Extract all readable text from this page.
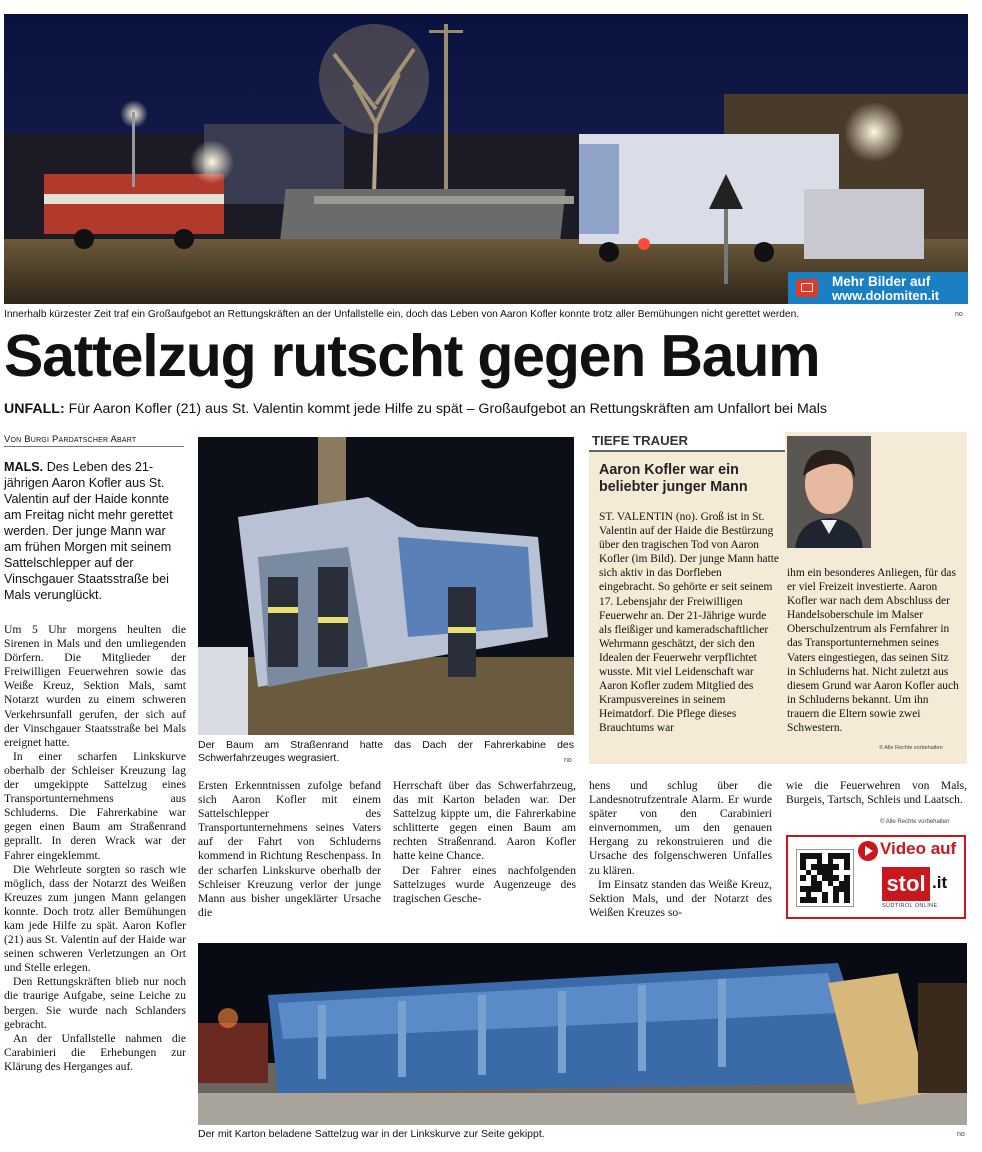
Mehr Bilder auf
www.dolomiten.it
Innerhalb kürzester Zeit traf ein Großaufgebot an Rettungskräften an der Unfallstelle ein, doch das Leben von Aaron Kofler konnte trotz aller Bemühungen nicht gerettet werden.	no
Sattelzug rutscht gegen Baum
UNFALL: Für Aaron Kofler (21) aus St. Valentin kommt jede Hilfe zu spät – Großaufgebot an Rettungskräften am Unfallort bei Mals
Von Burgi Pardatscher Abart
MALS. Des Leben des 21-jährigen Aaron Kofler aus St. Valentin auf der Haide konnte am Freitag nicht mehr gerettet werden. Der junge Mann war am frühen Morgen mit seinem Sattelschlepper auf der Vinschgauer Staatsstraße bei Mals verunglückt.

Um 5 Uhr morgens heulten die Sirenen in Mals und den umliegenden Dörfern. Die Mitglieder der Freiwilligen Feuerwehren sowie das Weiße Kreuz, Sektion Mals, samt Notarzt wurden zu einem schweren Verkehrsunfall gerufen, der sich auf der Vinschgauer Staatsstraße bei Mals ereignet hatte.

In einer scharfen Linkskurve oberhalb der Schleiser Kreuzung lag der umgekippte Sattelzug eines Transportunternehmens aus Schluderns. Die Fahrerkabine war gegen einen Baum am Straßenrand geprallt. In deren Wrack war der Fahrer eingeklemmt.

Die Wehrleute sorgten so rasch wie möglich, dass der Notarzt des Weißen Kreuzes zum jungen Mann gelangen konnte. Doch trotz aller Bemühungen kam jede Hilfe zu spät. Aaron Kofler (21) aus St. Valentin auf der Haide war seinen schweren Verletzungen an Ort und Stelle erlegen.

Den Rettungskräften blieb nur noch die traurige Aufgabe, seine Leiche zu bergen. Sie wurde nach Schlanders gebracht.

An der Unfallstelle nahmen die Carabinieri die Erhebungen zur Klärung des Herganges auf.

Der Baum am Straßenrand hatte das Dach der Fahrerkabine des Schwerfahrzeuges wegrasiert.	no

Ersten Erkenntnissen zufolge befand sich Aaron Kofler mit einem Sattelschlepper des Transportunternehmens seines Vaters auf der Fahrt von Schluderns kommend in Richtung Reschenpass. In der scharfen Linkskurve oberhalb der Schleiser Kreuzung verlor der junge Mann aus bisher ungeklärter Ursache die

Herrschaft über das Schwerfahrzeug, das mit Karton beladen war. Der Sattelzug kippte um, die Fahrerkabine schlitterte gegen einen Baum am rechten Straßenrand. Aaron Kofler hatte keine Chance.

Der Fahrer eines nachfolgenden Sattelzuges wurde Augenzeuge des tragischen Gesche-

hens und schlug über die Landesnotrufzentrale Alarm. Er wurde später von den Carabinieri einvernommen, um den genauen Hergang zu rekonstruieren und die Ursache des folgenschweren Unfalles zu klären.

Im Einsatz standen das Weiße Kreuz, Sektion Mals, und der Notarzt des Weißen Kreuzes so-

wie die Feuerwehren von Mals, Burgeis, Tartsch, Schleis und Laatsch.

© Alle Rechte vorbehalten
Video auf
stol .it
SÜDTIROL ONLINE
TIEFE TRAUER
Aaron Kofler war ein beliebter junger Mann

ST. VALENTIN (no). Groß ist in St. Valentin auf der Haide die Bestürzung über den tragischen Tod von Aaron Kofler (im Bild). Der junge Mann hatte sich aktiv in das Dorfleben eingebracht. So gehörte er seit seinem 17. Lebensjahr der Freiwilligen Feuerwehr an. Der 21-Jährige wurde als fleißiger und kameradschaftlicher Wehrmann geschätzt, der sich den Idealen der Feuerwehr verpflichtet wusste. Mit viel Leidenschaft war Aaron Kofler zudem Mitglied des Krampusvereines in seinem Heimatdorf. Die Pflege dieses Brauchtums war

ihm ein besonderes Anliegen, für das er viel Freizeit investierte. Aaron Kofler war nach dem Abschluss der Handelsoberschule im Malser Oberschulzentrum als Fernfahrer in das Transportunternehmen seines Vaters eingestiegen, das seinen Sitz in Schluderns hat. Nicht zuletzt aus diesem Grund war Aaron Kofler auch in Schluderns bekannt. Um ihn trauern die Eltern sowie zwei Schwestern.

© Alle Rechte vorbehalten
Der mit Karton beladene Sattelzug war in der Linkskurve zur Seite gekippt.	no
